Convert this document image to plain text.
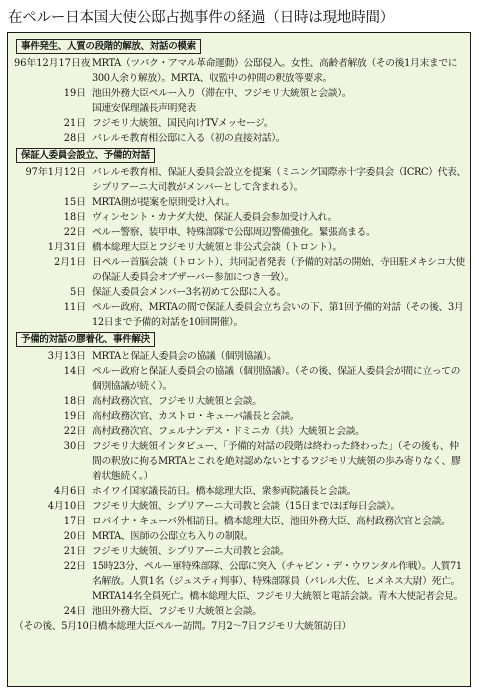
在ペルー日本国大使公邸占拠事件の経過（日時は現地時間）
事件発生、人質の段階的解放、対話の模索
96年12月17日夜 MRTA（ツパク・アマル革命運動）公邸侵入。女性、高齢者解放（その後1月末までに300人余り解放）。MRTA、収監中の仲間の釈放等要求。
19日 池田外務大臣ペルー入り（滞在中、フジモリ大統領と会談）。
国連安保理議長声明発表
21日 フジモリ大統領、国民向けTVメッセージ。
28日 パレルモ教育相公邸に入る（初の直接対話）。
保証人委員会設立、予備的対話
97年1月12日 パレルモ教育相、保証人委員会設立を提案（ミニング国際赤十字委員会（ICRC）代表、シプリアーニ大司教がメンバーとして含まれる）。
15日 MRTA側が提案を原則受け入れ。
18日 ヴィンセント・カナダ大使、保証人委員会参加受け入れ。
22日 ペルー警察、装甲車、特殊部隊で公邸周辺警備強化。緊張高まる。
1月31日 橋本総理大臣とフジモリ大統領と非公式会談（トロント）。
2月1日 日ペルー首脳会談（トロント）、共同記者発表（予備的対話の開始、寺田駐メキシコ大使の保証人委員会オブザーバー参加につき一致）。
5日 保証人委員会メンバー3名初めて公邸に入る。
11日 ペルー政府、MRTAの間で保証人委員会立ち会いの下、第1回予備的対話（その後、3月12日まで予備的対話を10回開催）。
予備的対話の膠着化、事件解決
3月13日 MRTAと保証人委員会の協議（個別協議）。
14日 ペルー政府と保証人委員会の協議（個別協議）。（その後、保証人委員会が間に立っての個別協議が続く）。
18日 高村政務次官、フジモリ大統領と会談。
19日 高村政務次官、カストロ・キューバ議長と会談。
22日 高村政務次官、フェルナンデス・ドミニカ（共）大統領と会談。
30日 フジモリ大統領インタビュー、「予備的対話の段階は終わった終わった」（その後も、仲間の釈放に拘るMRTAとこれを絶対認めないとするフジモリ大統領の歩み寄りなく、膠着状態続く。）
4月6日 ホイワイ国家議長訪日。橋本総理大臣、衆参両院議長と会談。
4月10日 フジモリ大統領、シプリアーニ大司教と会談（15日までほぼ毎日会談）。
17日 ロバイナ・キューバ外相訪日。橋本総理大臣、池田外務大臣、高村政務次官と会談。
20日 MRTA、医師の公邸立ち入りの制限。
21日 フジモリ大統領、シプリアーニ大司教と会談。
22日 15時23分、ペルー軍特殊部隊、公邸に突入（チャビン・デ・ウワンタル作戦）。人質71名解放。人質1名（ジュスティ判事）、特殊部隊員（パレル大佐、ヒメネス大尉）死亡。MRTA14名全員死亡。橋本総理大臣、フジモリ大統領と電話会談。青木大使記者会見。
24日 池田外務大臣、フジモリ大統領と会談。
（その後、5月10日橋本総理大臣ペルー訪問。7月2～7日フジモリ大統領訪日）
